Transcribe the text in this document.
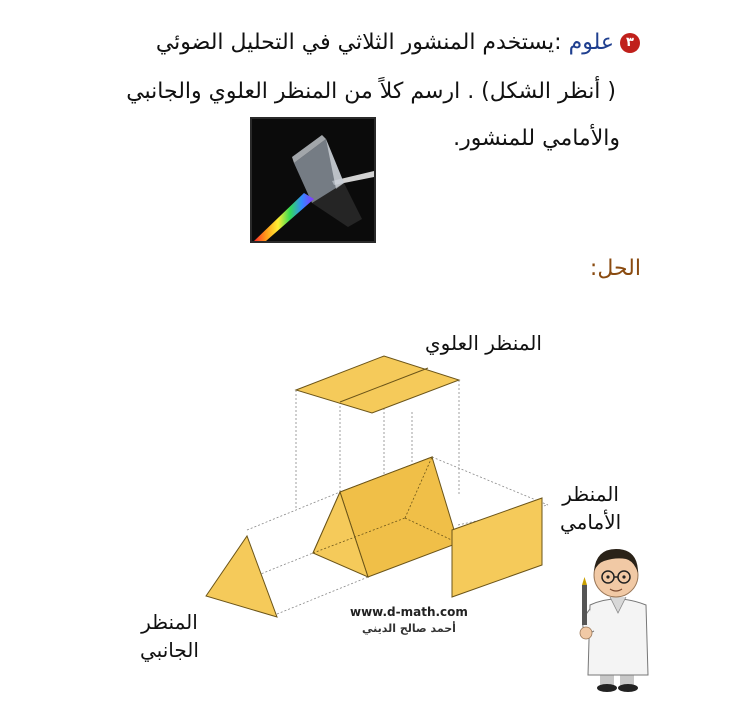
٣علوم :يستخدم المنشور الثلاثي في التحليل الضوئي
( أنظر الشكل) . ارسم كلاً من المنظر العلوي والجانبي
والأمامي للمنشور.
الحل:
المنظر العلوي
المنظر
الأمامي
المنظر
الجانبي
www.d-math.com
أحمد صالح الديني
